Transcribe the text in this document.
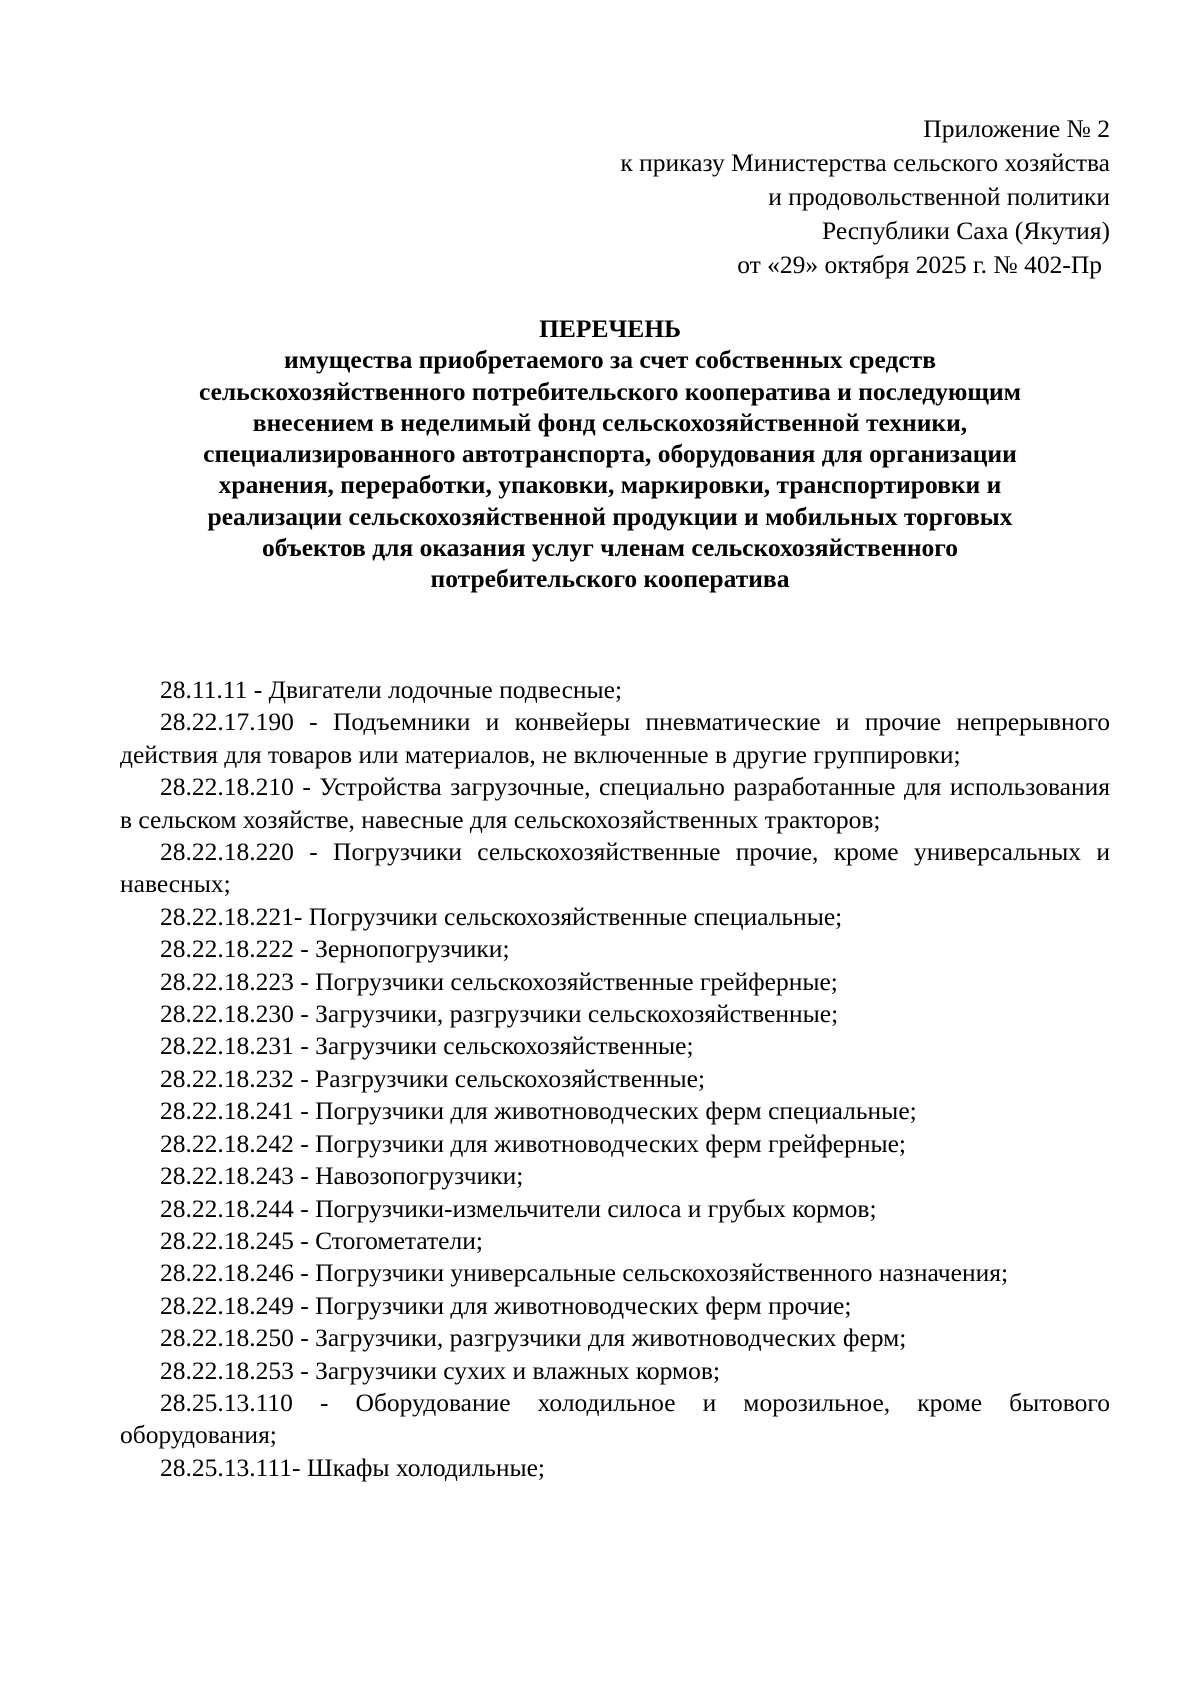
Приложение № 2
к приказу Министерства сельского хозяйства
и продовольственной политики
Республики Саха (Якутия)
от «29» октября 2025 г. № 402-Пр
ПЕРЕЧЕНЬ
имущества приобретаемого за счет собственных средств
сельскохозяйственного потребительского кооператива и последующим
внесением в неделимый фонд сельскохозяйственной техники,
специализированного автотранспорта, оборудования для организации
хранения, переработки, упаковки, маркировки, транспортировки и
реализации сельскохозяйственной продукции и мобильных торговых
объектов для оказания услуг членам сельскохозяйственного
потребительского кооператива

28.11.11 - Двигатели лодочные подвесные;

28.22.17.190 - Подъемники и конвейеры пневматические и прочие непрерывного действия для товаров или материалов, не включенные в другие группировки;

28.22.18.210 - Устройства загрузочные, специально разработанные для использования в сельском хозяйстве, навесные для сельскохозяйственных тракторов;

28.22.18.220 - Погрузчики сельскохозяйственные прочие, кроме универсальных и навесных;

28.22.18.221- Погрузчики сельскохозяйственные специальные;

28.22.18.222 - Зернопогрузчики;

28.22.18.223 - Погрузчики сельскохозяйственные грейферные;

28.22.18.230 - Загрузчики, разгрузчики сельскохозяйственные;

28.22.18.231 - Загрузчики сельскохозяйственные;

28.22.18.232 - Разгрузчики сельскохозяйственные;

28.22.18.241 - Погрузчики для животноводческих ферм специальные;

28.22.18.242 - Погрузчики для животноводческих ферм грейферные;

28.22.18.243 - Навозопогрузчики;

28.22.18.244 - Погрузчики-измельчители силоса и грубых кормов;

28.22.18.245 - Стогометатели;

28.22.18.246 - Погрузчики универсальные сельскохозяйственного назначения;

28.22.18.249 - Погрузчики для животноводческих ферм прочие;

28.22.18.250 - Загрузчики, разгрузчики для животноводческих ферм;

28.22.18.253 - Загрузчики сухих и влажных кормов;

28.25.13.110 - Оборудование холодильное и морозильное, кроме бытового оборудования;

28.25.13.111- Шкафы холодильные;
